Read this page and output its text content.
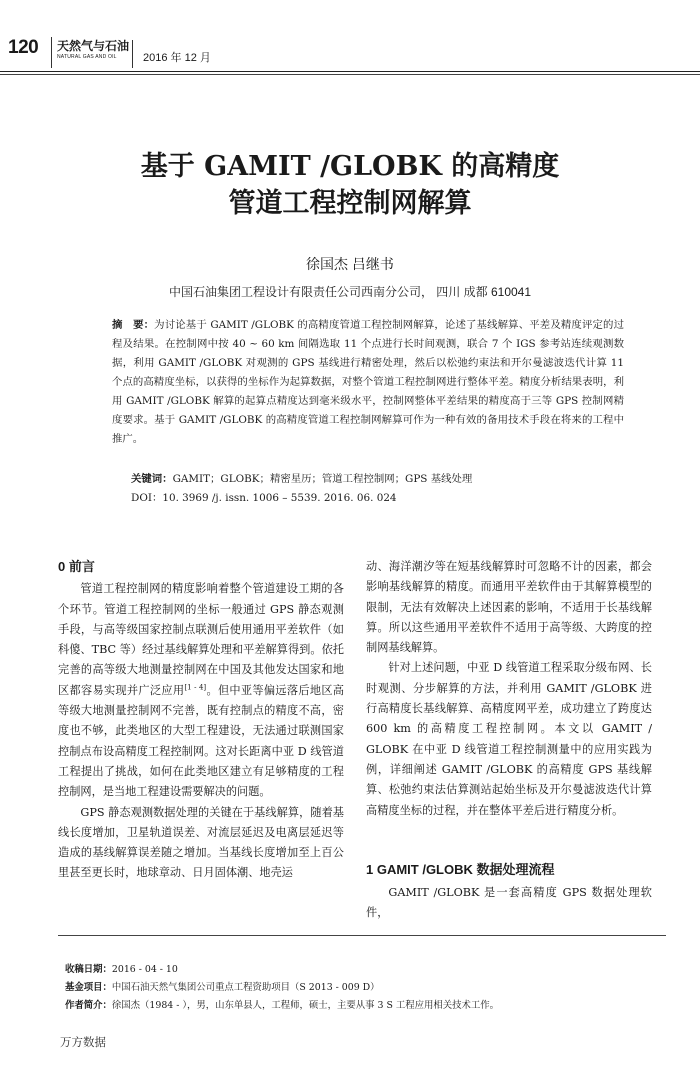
120 天然气与石油
NATURAL GAS AND OIL 2016 年 12 月
基于 GAMIT /GLOBK 的高精度
管道工程控制网解算
徐国杰 吕继书
中国石油集团工程设计有限责任公司西南分公司， 四川 成都 610041
摘　要：为讨论基于 GAMIT /GLOBK 的高精度管道工程控制网解算，论述了基线解算、平差及精度评定的过程及结果。在控制网中按 40 ~ 60 km 间隔选取 11 个点进行长时间观测，联合 7 个 IGS 参考站连续观测数据，利用 GAMIT /GLOBK 对观测的 GPS 基线进行精密处理，然后以松弛约束法和开尔曼滤波迭代计算 11 个点的高精度坐标，以获得的坐标作为起算数据，对整个管道工程控制网进行整体平差。精度分析结果表明，利用 GAMIT /GLOBK 解算的起算点精度达到毫米级水平，控制网整体平差结果的精度高于三等 GPS 控制网精度要求。基于 GAMIT /GLOBK 的高精度管道工程控制网解算可作为一种有效的备用技术手段在将来的工程中推广。
关键词：GAMIT；GLOBK；精密星历；管道工程控制网；GPS 基线处理
DOI：10. 3969 /j. issn. 1006 – 5539. 2016. 06. 024
0 前言

管道工程控制网的精度影响着整个管道建设工期的各个环节。管道工程控制网的坐标一般通过 GPS 静态观测手段，与高等级国家控制点联测后使用通用平差软件（如科傻、TBC 等）经过基线解算处理和平差解算得到。依托完善的高等级大地测量控制网在中国及其他发达国家和地区都容易实现并广泛应用[1 - 4]。但中亚等偏远落后地区高等级大地测量控制网不完善，既有控制点的精度不高，密度也不够，此类地区的大型工程建设，无法通过联测国家控制点布设高精度工程控制网。这对长距离中亚 D 线管道工程提出了挑战，如何在此类地区建立有足够精度的工程控制网，是当地工程建设需要解决的问题。

GPS 静态观测数据处理的关键在于基线解算，随着基线长度增加，卫星轨道误差、对流层延迟及电离层延迟等造成的基线解算误差随之增加。当基线长度增加至上百公里甚至更长时，地球章动、日月固体潮、地壳运

动、海洋潮汐等在短基线解算时可忽略不计的因素，都会影响基线解算的精度。而通用平差软件由于其解算模型的限制，无法有效解决上述因素的影响，不适用于长基线解算。所以这些通用平差软件不适用于高等级、大跨度的控制网基线解算。

针对上述问题，中亚 D 线管道工程采取分级布网、长时观测、分步解算的方法，并利用 GAMIT /GLOBK 进行高精度长基线解算、高精度网平差，成功建立了跨度达 600 km 的高精度工程控制网。本文以 GAMIT / GLOBK 在中亚 D 线管道工程控制测量中的应用实践为例，详细阐述 GAMIT /GLOBK 的高精度 GPS 基线解算、松弛约束法估算测站起始坐标及开尔曼滤波迭代计算高精度坐标的过程，并在整体平差后进行精度分析。

1 GAMIT /GLOBK 数据处理流程

GAMIT /GLOBK 是一套高精度 GPS 数据处理软件，

收稿日期：2016 - 04 - 10
基金项目：中国石油天然气集团公司重点工程资助项目（S 2013 - 009 D）
作者简介：徐国杰（1984 - ），男，山东单县人，工程师，硕士，主要从事 3 S 工程应用相关技术工作。
万方数据
